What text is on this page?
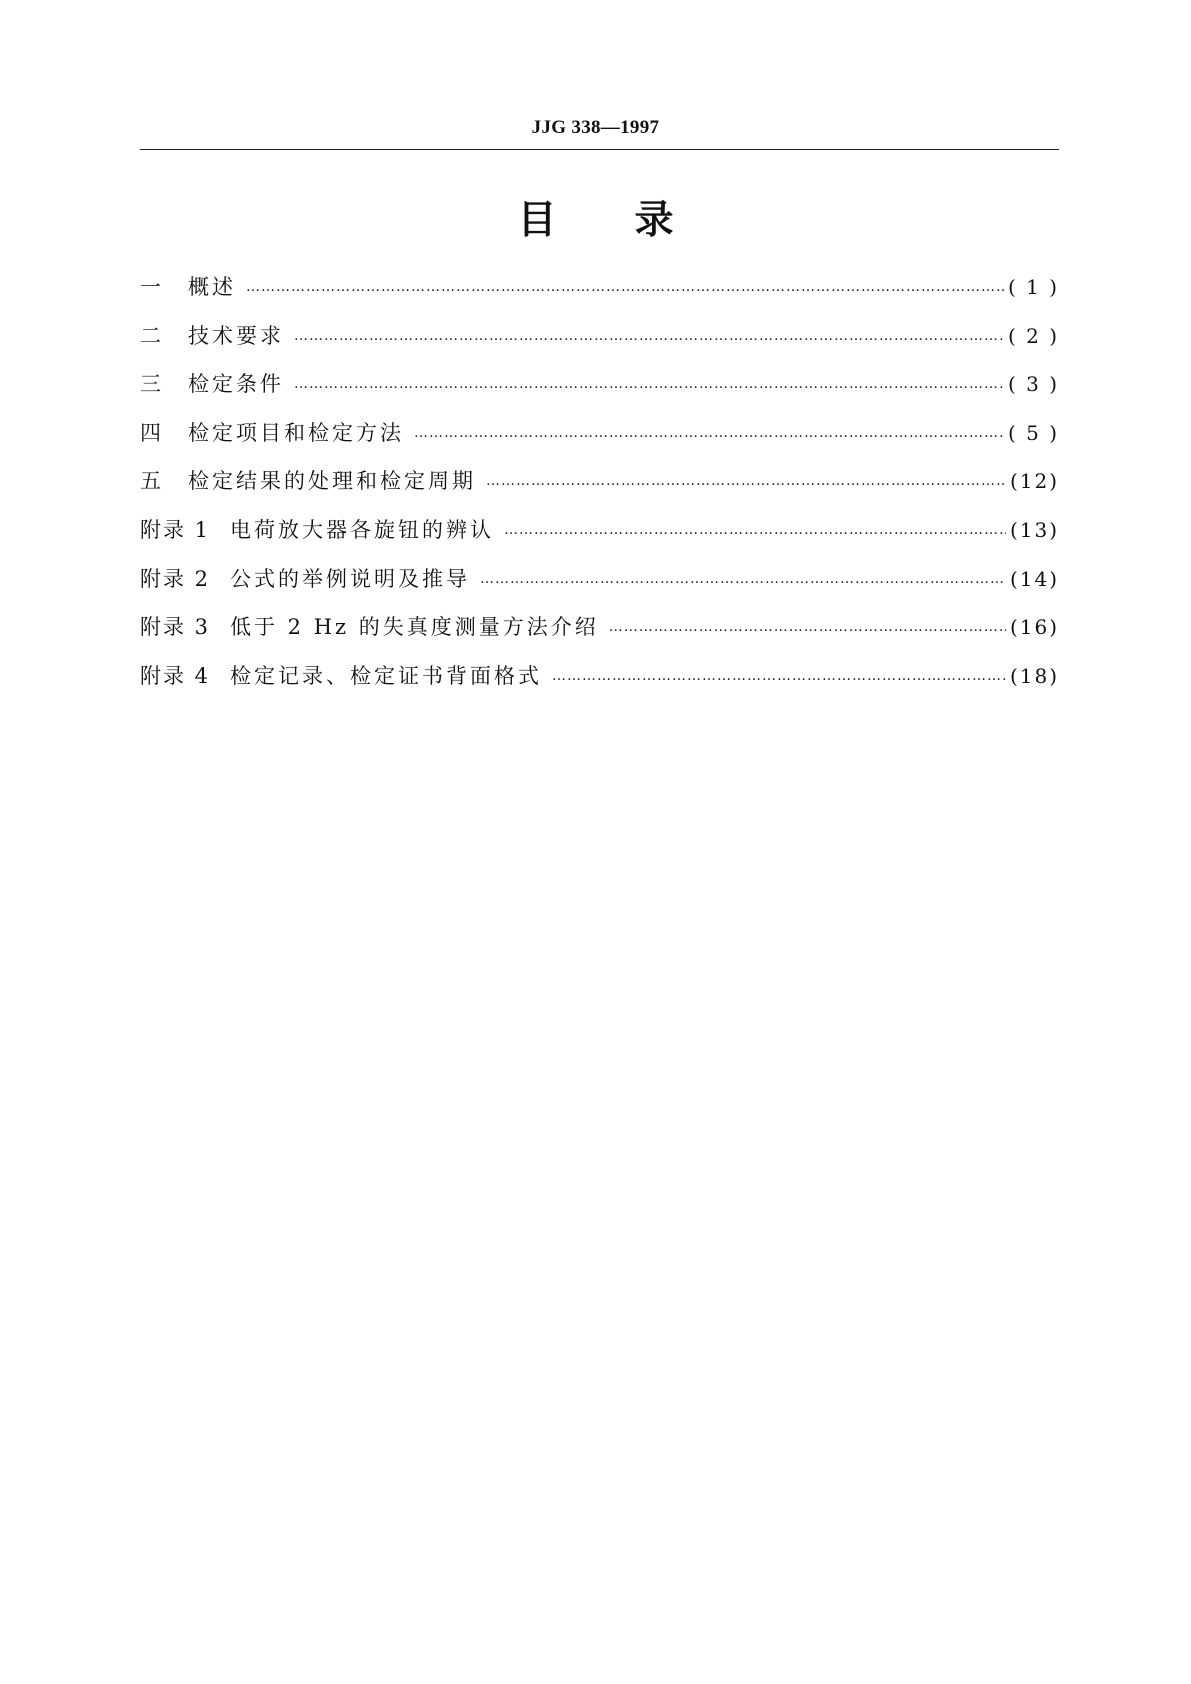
JJG 338—1997
目 录
一	概述 ……………………………………………………………………………………………………………………………………………………………………………………………………………………	( 1 )
二	技术要求 ……………………………………………………………………………………………………………………………………………………………………………………………………………………	( 2 )
三	检定条件 ……………………………………………………………………………………………………………………………………………………………………………………………………………………	( 3 )
四	检定项目和检定方法 ……………………………………………………………………………………………………………………………………………………………………………………………………………………	( 5 )
五	检定结果的处理和检定周期 ……………………………………………………………………………………………………………………………………………………………………………………………………………………	(12)
附录 1 电荷放大器各旋钮的辨认 ……………………………………………………………………………………………………………………………………………………………………………………………………………………	(13)
附录 2 公式的举例说明及推导 ……………………………………………………………………………………………………………………………………………………………………………………………………………………	(14)
附录 3 低于 2 Hz 的失真度测量方法介绍 ……………………………………………………………………………………………………………………………………………………………………………………………………………………	(16)
附录 4 检定记录、检定证书背面格式 ……………………………………………………………………………………………………………………………………………………………………………………………………………………	(18)
